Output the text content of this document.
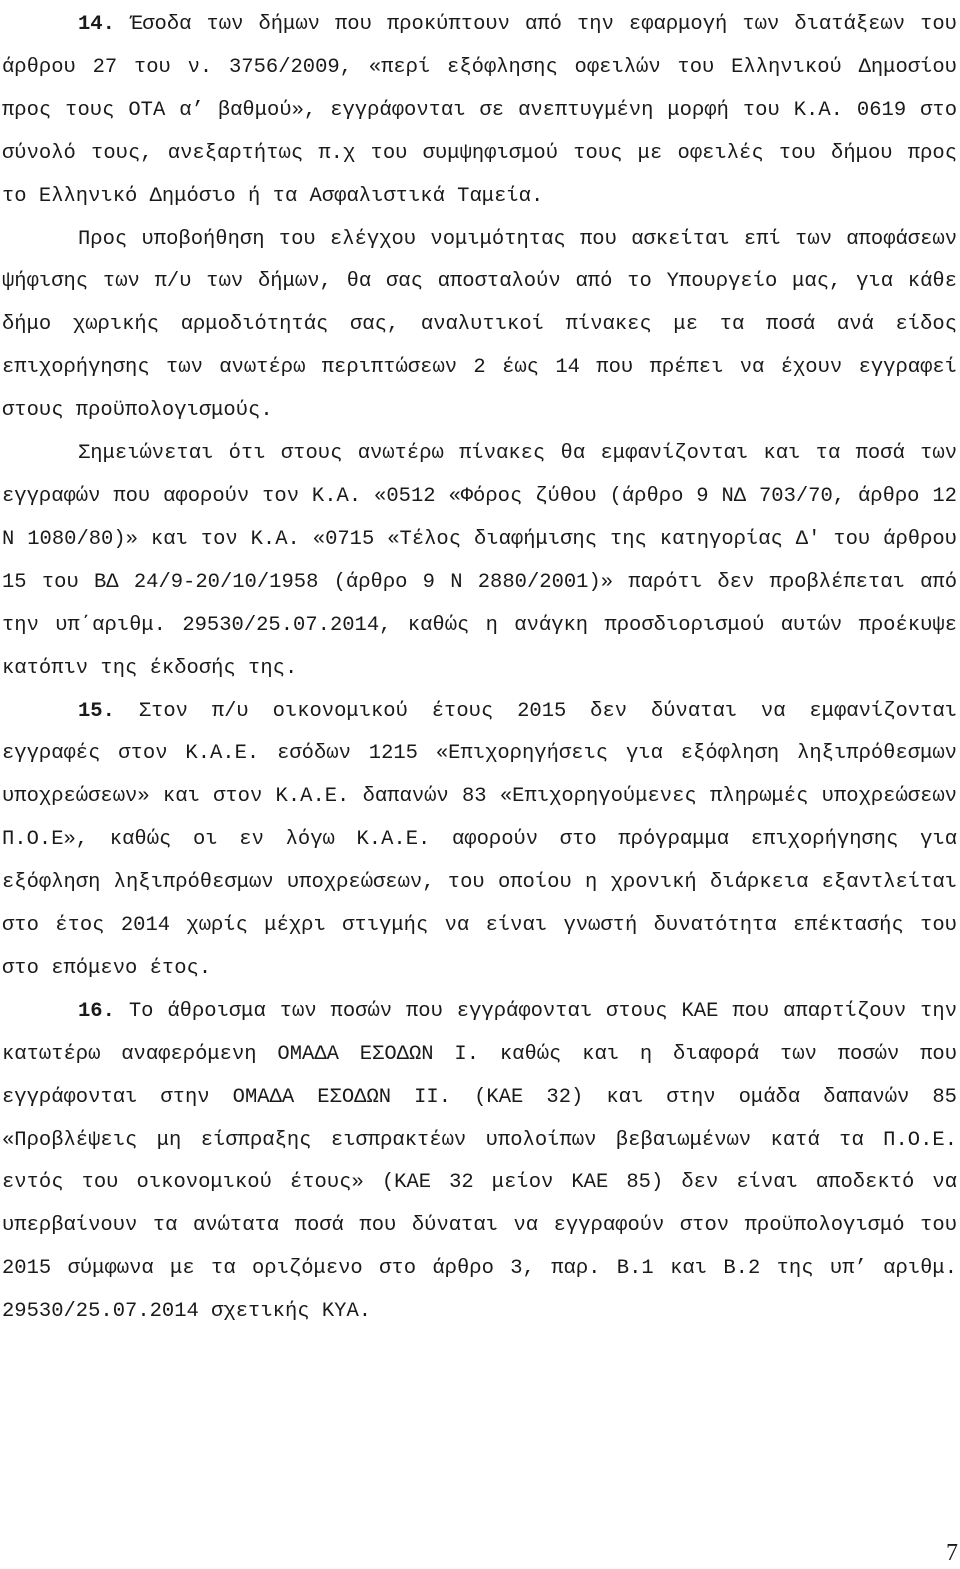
14. Έσοδα των δήμων που προκύπτουν από την εφαρμογή των διατάξεων του άρθρου 27 του ν. 3756/2009, «περί εξόφλησης οφειλών του Ελληνικού Δημοσίου προς τους ΟΤΑ α’ βαθμού», εγγράφονται σε ανεπτυγμένη μορφή του Κ.Α. 0619 στο σύνολό τους, ανεξαρτήτως π.χ του συμψηφισμού τους με οφειλές του δήμου προς το Ελληνικό Δημόσιο ή τα Ασφαλιστικά Ταμεία.

Προς υποβοήθηση του ελέγχου νομιμότητας που ασκείται επί των αποφάσεων ψήφισης των π/υ των δήμων, θα σας αποσταλούν από το Υπουργείο μας, για κάθε δήμο χωρικής αρμοδιότητάς σας, αναλυτικοί πίνακες με τα ποσά ανά είδος επιχορήγησης των ανωτέρω περιπτώσεων 2 έως 14 που πρέπει να έχουν εγγραφεί στους προϋπολογισμούς.

Σημειώνεται ότι στους ανωτέρω πίνακες θα εμφανίζονται και τα ποσά των εγγραφών που αφορούν τον Κ.Α. «0512 «Φόρος ζύθου (άρθρο 9 ΝΔ 703/70, άρθρο 12 Ν 1080/80)» και τον Κ.Α. «0715 «Τέλος διαφήμισης της κατηγορίας Δ' του άρθρου 15 του ΒΔ 24/9-20/10/1958 (άρθρο 9 Ν 2880/2001)» παρότι δεν προβλέπεται από την υπ΄αριθμ. 29530/25.07.2014, καθώς η ανάγκη προσδιορισμού αυτών προέκυψε κατόπιν της έκδοσής της.

15. Στον π/υ οικονομικού έτους 2015 δεν δύναται να εμφανίζονται εγγραφές στον Κ.Α.Ε. εσόδων 1215 «Επιχορηγήσεις για εξόφληση ληξιπρόθεσμων υποχρεώσεων» και στον Κ.Α.Ε. δαπανών 83 «Επιχορηγούμενες πληρωμές υποχρεώσεων Π.Ο.Ε», καθώς οι εν λόγω Κ.Α.Ε. αφορούν στο πρόγραμμα επιχορήγησης για εξόφληση ληξιπρόθεσμων υποχρεώσεων, του οποίου η χρονική διάρκεια εξαντλείται στο έτος 2014 χωρίς μέχρι στιγμής να είναι γνωστή δυνατότητα επέκτασής του στο επόμενο έτος.

16. Το άθροισμα των ποσών που εγγράφονται στους ΚΑΕ που απαρτίζουν την κατωτέρω αναφερόμενη ΟΜΑΔΑ ΕΣΟΔΩΝ Ι. καθώς και η διαφορά των ποσών που εγγράφονται στην ΟΜΑΔΑ ΕΣΟΔΩΝ ΙΙ. (ΚΑΕ 32) και στην ομάδα δαπανών 85 «Προβλέψεις μη είσπραξης εισπρακτέων υπολοίπων βεβαιωμένων κατά τα Π.Ο.Ε. εντός του οικονομικού έτους» (ΚΑΕ 32 μείον ΚΑΕ 85) δεν είναι αποδεκτό να υπερβαίνουν τα ανώτατα ποσά που δύναται να εγγραφούν στον προϋπολογισμό του 2015 σύμφωνα με τα οριζόμενο στο άρθρο 3, παρ. Β.1 και Β.2 της υπ’ αριθμ. 29530/25.07.2014 σχετικής ΚΥΑ.

7
